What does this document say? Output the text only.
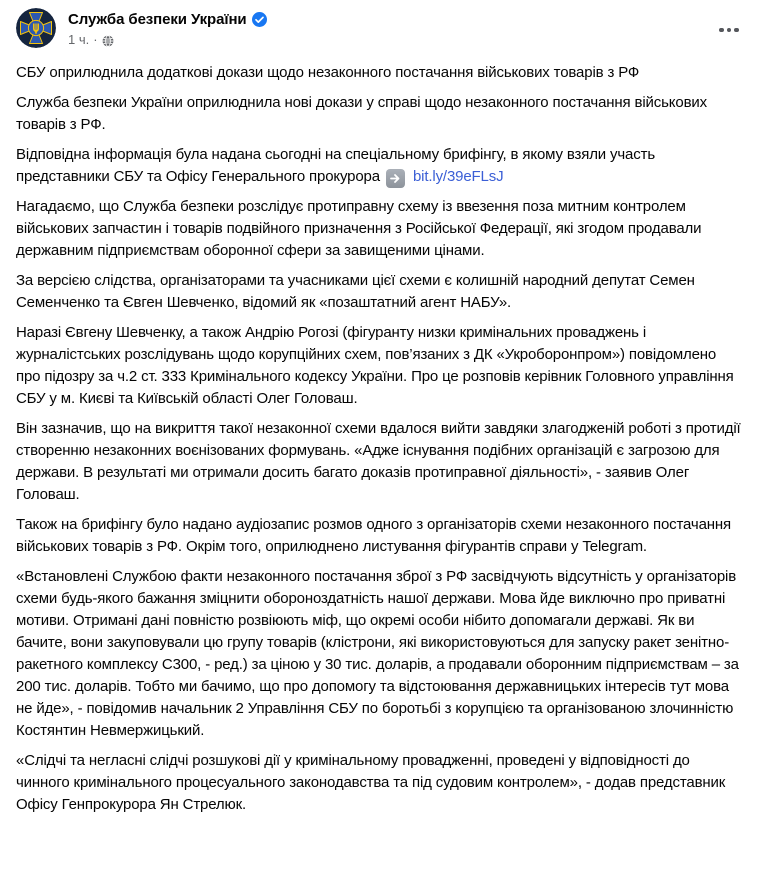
Служба безпеки України
1 ч. ·

СБУ оприлюднила додаткові докази щодо незаконного постачання військових товарів з РФ

Служба безпеки України оприлюднила нові докази у справі щодо незаконного постачання військових товарів з РФ.

Відповідна інформація була надана сьогодні на спеціальному брифінгу, в якому взяли участь представники СБУ та Офісу Генерального прокурора bit.ly/39eFLsJ

Нагадаємо, що Служба безпеки розслідує протиправну схему із ввезення поза митним контролем військових запчастин і товарів подвійного призначення з Російської Федерації, які згодом продавали державним підприємствам оборонної сфери за завищеними цінами.

За версією слідства, організаторами та учасниками цієї схеми є колишній народний депутат Семен Семенченко та Євген Шевченко, відомий як «позаштатний агент НАБУ».

Наразі Євгену Шевченку, а також Андрію Рогозі (фігуранту низки кримінальних проваджень і журналістських розслідувань щодо корупційних схем, пов’язаних з ДК «Укроборонпром») повідомлено про підозру за ч.2 ст. 333 Кримінального кодексу України. Про це розповів керівник Головного управління СБУ у м. Києві та Київській області Олег Головаш.

Він зазначив, що на викриття такої незаконної схеми вдалося вийти завдяки злагодженій роботі з протидії створенню незаконних воєнізованих формувань. «Адже існування подібних організацій є загрозою для держави. В результаті ми отримали досить багато доказів протиправної діяльності», - заявив Олег Головаш.

Також на брифінгу було надано аудіозапис розмов одного з організаторів схеми незаконного постачання військових товарів з РФ. Окрім того, оприлюднено листування фігурантів справи у Telegram.

«Встановлені Службою факти незаконного постачання зброї з РФ засвідчують відсутність у організаторів схеми будь-якого бажання зміцнити обороноздатність нашої держави. Мова йде виключно про приватні мотиви. Отримані дані повністю розвіюють міф, що окремі особи нібито допомагали державі. Як ви бачите, вони закуповували цю групу товарів (клістрони, які використовуються для запуску ракет зенітно-ракетного комплексу С300, - ред.) за ціною у 30 тис. доларів, а продавали оборонним підприємствам – за 200 тис. доларів. Тобто ми бачимо, що про допомогу та відстоювання державницьких інтересів тут мова не йде», - повідомив начальник 2 Управління СБУ по боротьбі з корупцією та організованою злочинністю Костянтин Невмержицький.

«Слідчі та негласні слідчі розшукові дії у кримінальному провадженні, проведені у відповідності до чинного кримінального процесуального законодавства та під судовим контролем», - додав представник Офісу Генпрокурора Ян Стрелюк.
